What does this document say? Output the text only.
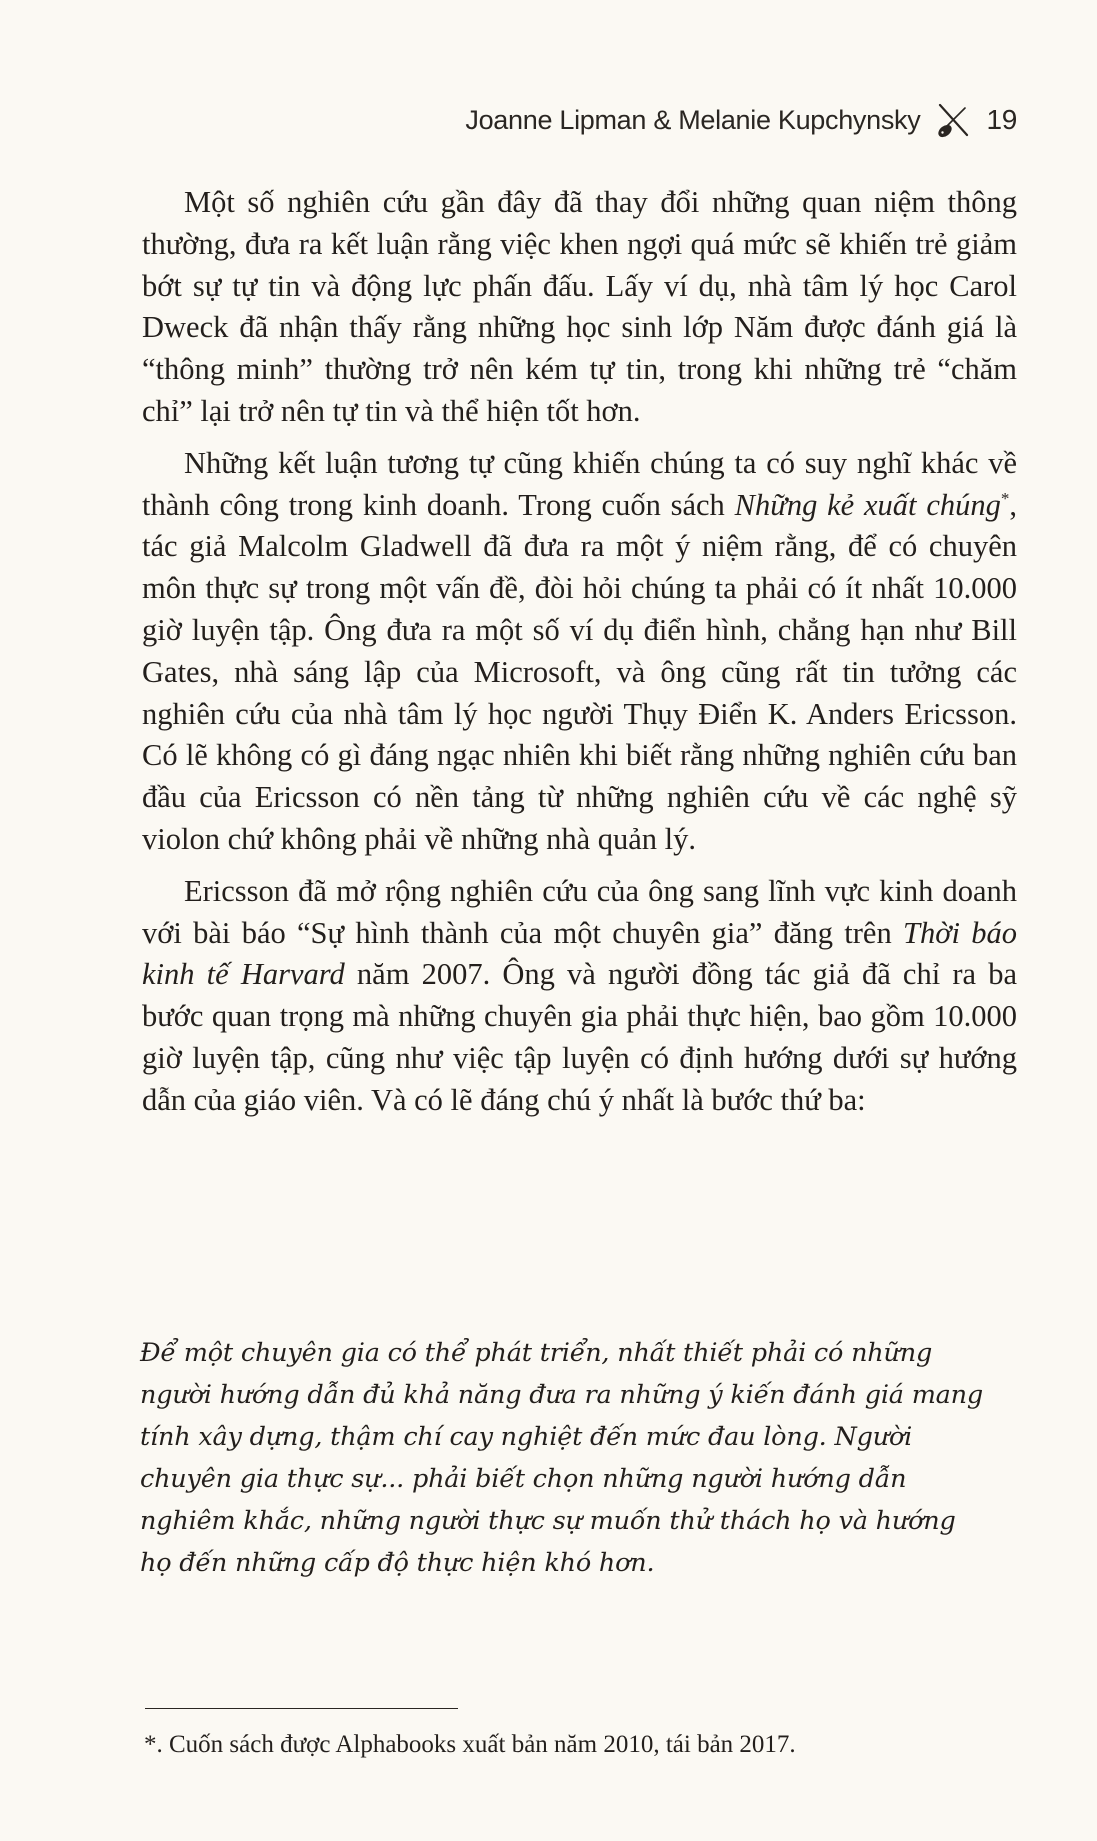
Joanne Lipman & Melanie Kupchynsky 19

Một số nghiên cứu gần đây đã thay đổi những quan niệm thông thường, đưa ra kết luận rằng việc khen ngợi quá mức sẽ khiến trẻ giảm bớt sự tự tin và động lực phấn đấu. Lấy ví dụ, nhà tâm lý học Carol Dweck đã nhận thấy rằng những học sinh lớp Năm được đánh giá là “thông minh” thường trở nên kém tự tin, trong khi những trẻ “chăm chỉ” lại trở nên tự tin và thể hiện tốt hơn.

Những kết luận tương tự cũng khiến chúng ta có suy nghĩ khác về thành công trong kinh doanh. Trong cuốn sách Những kẻ xuất chúng*, tác giả Malcolm Gladwell đã đưa ra một ý niệm rằng, để có chuyên môn thực sự trong một vấn đề, đòi hỏi chúng ta phải có ít nhất 10.000 giờ luyện tập. Ông đưa ra một số ví dụ điển hình, chẳng hạn như Bill Gates, nhà sáng lập của Microsoft, và ông cũng rất tin tưởng các nghiên cứu của nhà tâm lý học người Thụy Điển K. Anders Ericsson. Có lẽ không có gì đáng ngạc nhiên khi biết rằng những nghiên cứu ban đầu của Ericsson có nền tảng từ những nghiên cứu về các nghệ sỹ violon chứ không phải về những nhà quản lý.

Ericsson đã mở rộng nghiên cứu của ông sang lĩnh vực kinh doanh với bài báo “Sự hình thành của một chuyên gia” đăng trên Thời báo kinh tế Harvard năm 2007. Ông và người đồng tác giả đã chỉ ra ba bước quan trọng mà những chuyên gia phải thực hiện, bao gồm 10.000 giờ luyện tập, cũng như việc tập luyện có định hướng dưới sự hướng dẫn của giáo viên. Và có lẽ đáng chú ý nhất là bước thứ ba:

Để một chuyên gia có thể phát triển, nhất thiết phải có những
người hướng dẫn đủ khả năng đưa ra những ý kiến đánh giá mang
tính xây dựng, thậm chí cay nghiệt đến mức đau lòng. Người
chuyên gia thực sự... phải biết chọn những người hướng dẫn
nghiêm khắc, những người thực sự muốn thử thách họ và hướng
họ đến những cấp độ thực hiện khó hơn.
*. Cuốn sách được Alphabooks xuất bản năm 2010, tái bản 2017.
